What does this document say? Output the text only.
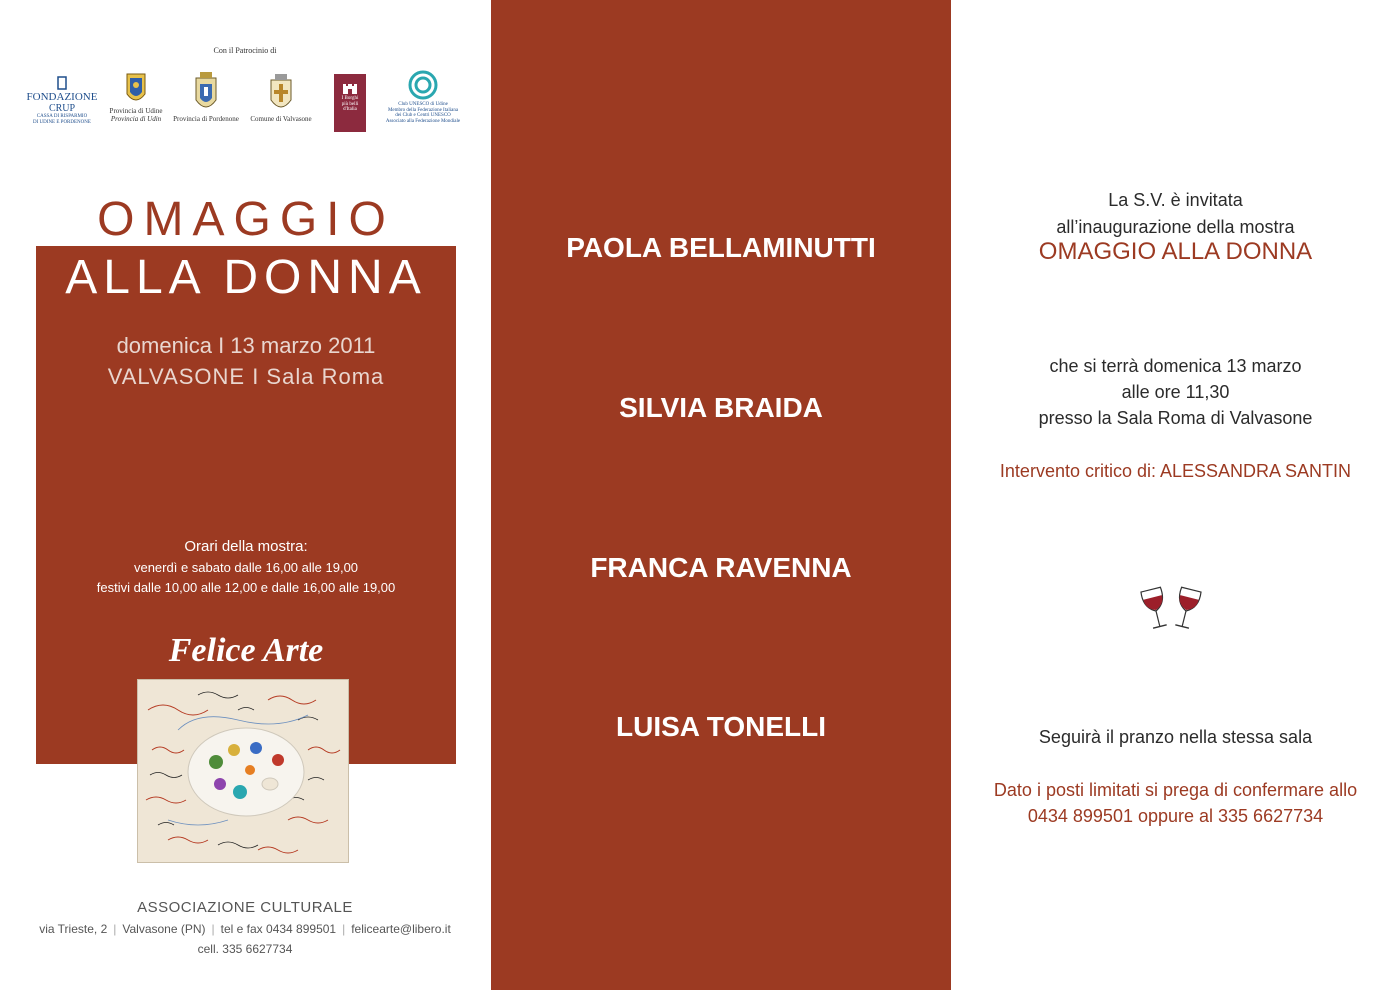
Con il Patrocinio di
FONDAZIONE
CRUP
CASSA DI RISPARMIO
DI UDINE E PORDENONE
Provincia di Udine
Provincia di Udin	Provincia di Pordenone	Comune di Valvasone
I Borghi
più belli
d'Italia
Club UNESCO di Udine
Membro della Federazione Italiana
dei Club e Centri UNESCO
Associato alla Federazione Mondiale
OMAGGIO
ALLA DONNA
domenica I 13 marzo 2011
VALVASONE I Sala Roma
Orari della mostra:
venerdì e sabato dalle 16,00 alle 19,00
festivi dalle 10,00 alle 12,00 e dalle 16,00 alle 19,00
Felice Arte
ASSOCIAZIONE CULTURALE
via Trieste, 2 | Valvasone (PN) | tel e fax 0434 899501 | felicearte@libero.it
cell. 335 6627734
PAOLA BELLAMINUTTI
SILVIA BRAIDA
FRANCA RAVENNA
LUISA TONELLI
La S.V. è invitata
all’inaugurazione della mostra
OMAGGIO ALLA DONNA
che si terrà domenica 13 marzo
alle ore 11,30
presso la Sala Roma di Valvasone
Intervento critico di: ALESSANDRA SANTIN
Seguirà il pranzo nella stessa sala
Dato i posti limitati si prega di confermare allo
0434 899501 oppure al 335 6627734
